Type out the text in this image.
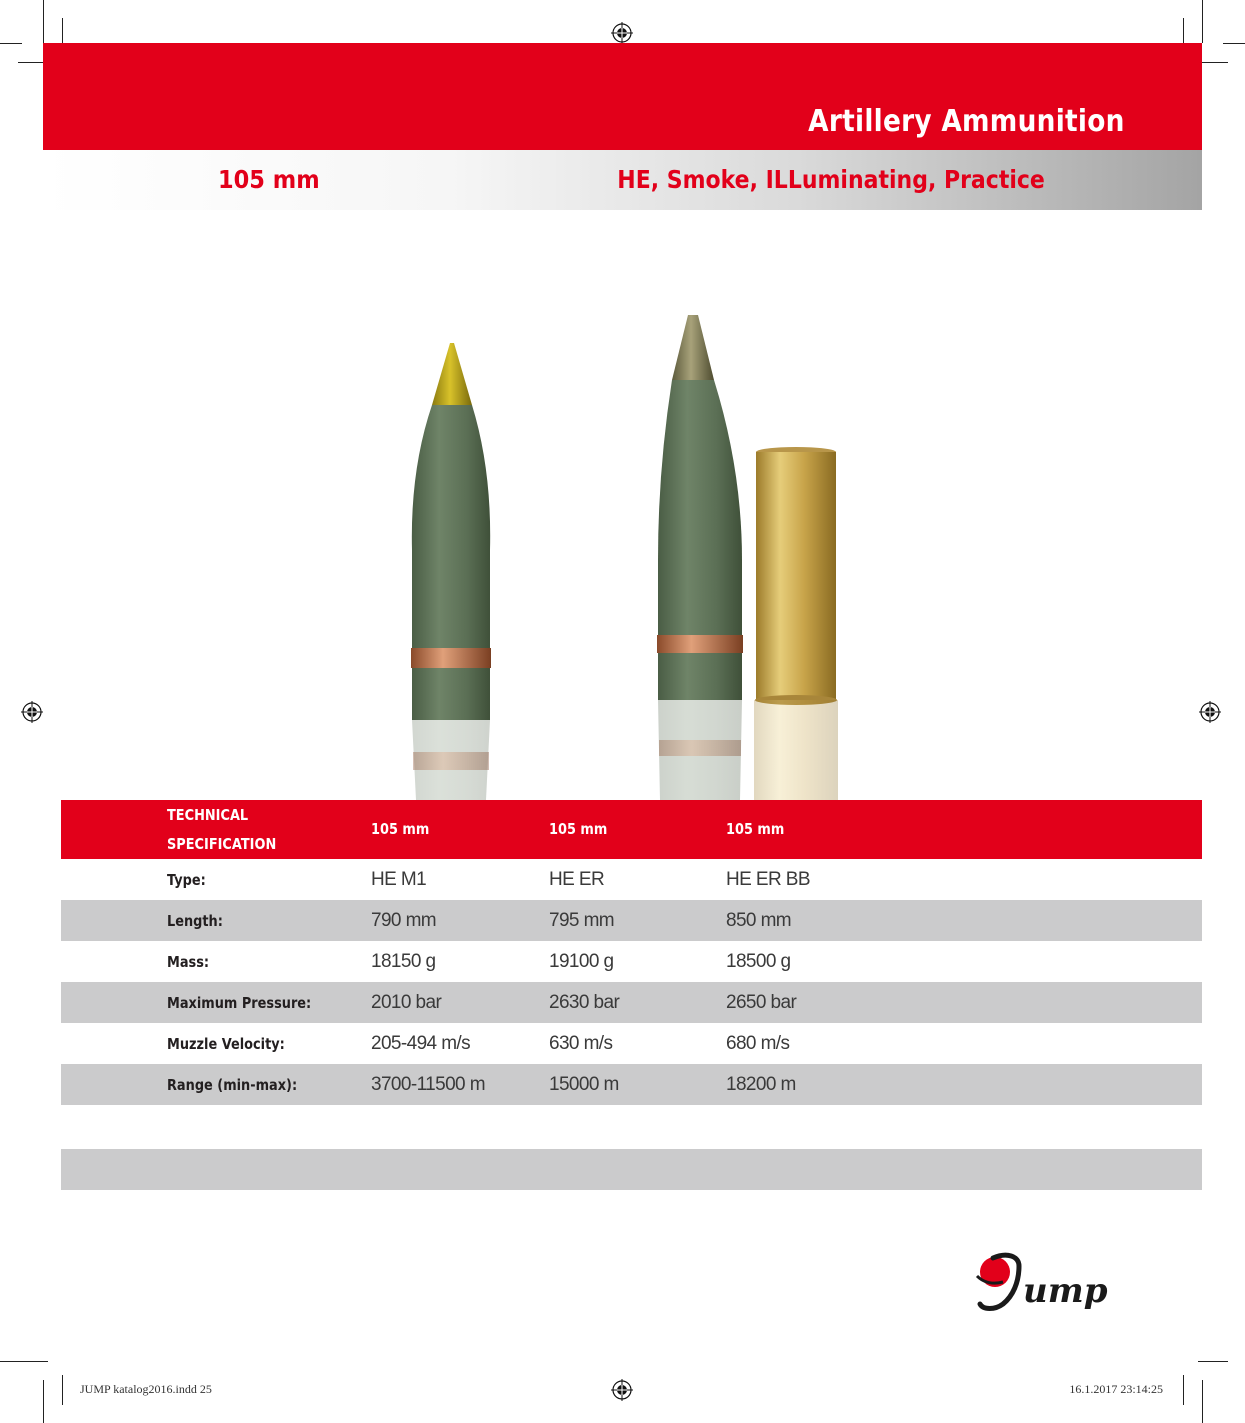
Artillery Ammunition
105 mm	HE, Smoke, ILLuminating, Practice
TECHNICAL
SPECIFICATION
105 mm	105 mm	105 mm
Type:	HE M1	HE ER	HE ER BB
Length:	790 mm	795 mm	850 mm
Mass:	18150 g	19100 g	18500 g
Maximum Pressure:	2010 bar	2630 bar	2650 bar
Muzzle Velocity:	205-494 m/s	630 m/s	680 m/s
Range (min-max):	3700-11500 m	15000 m	18200 m
ump
JUMP katalog2016.indd 25	16.1.2017 23:14:25
